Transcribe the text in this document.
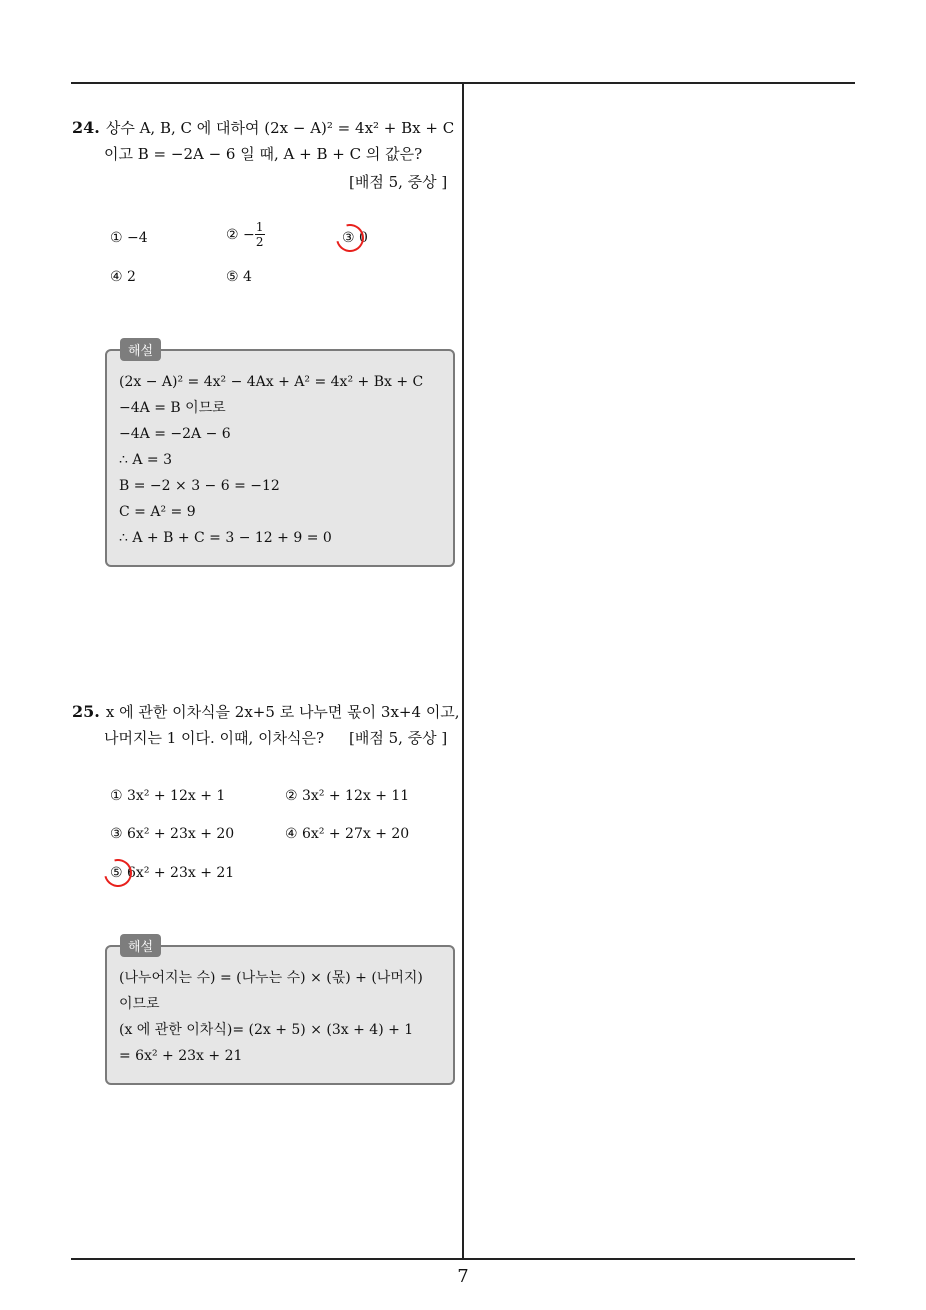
24. 상수 A, B, C 에 대하여 (2x − A)² = 4x² + Bx + C
이고 B = −2A − 6 일 때, A + B + C 의 값은?
[배점 5, 중상 ]
①
−4	②
− $\frac{1}{2}$	③
0
④
2	⑤
4
해설
(2x − A)² = 4x² − 4Ax + A² = 4x² + Bx + C
−4A = B 이므로
−4A = −2A − 6
∴ A = 3
B = −2 × 3 − 6 = −12
C = A² = 9
∴ A + B + C = 3 − 12 + 9 = 0
25. x 에 관한 이차식을 2x+5 로 나누면 몫이 3x+4 이고,
나머지는 1 이다. 이때, 이차식은? [배점 5, 중상 ]
①
3x² + 12x + 1	②
3x² + 12x + 11
③
6x² + 23x + 20	④
6x² + 27x + 20
⑤
6x² + 23x + 21
해설
(나누어지는 수) = (나누는 수) × (몫) + (나머지)
이므로
(x 에 관한 이차식)= (2x + 5) × (3x + 4) + 1
= 6x² + 23x + 21
7
